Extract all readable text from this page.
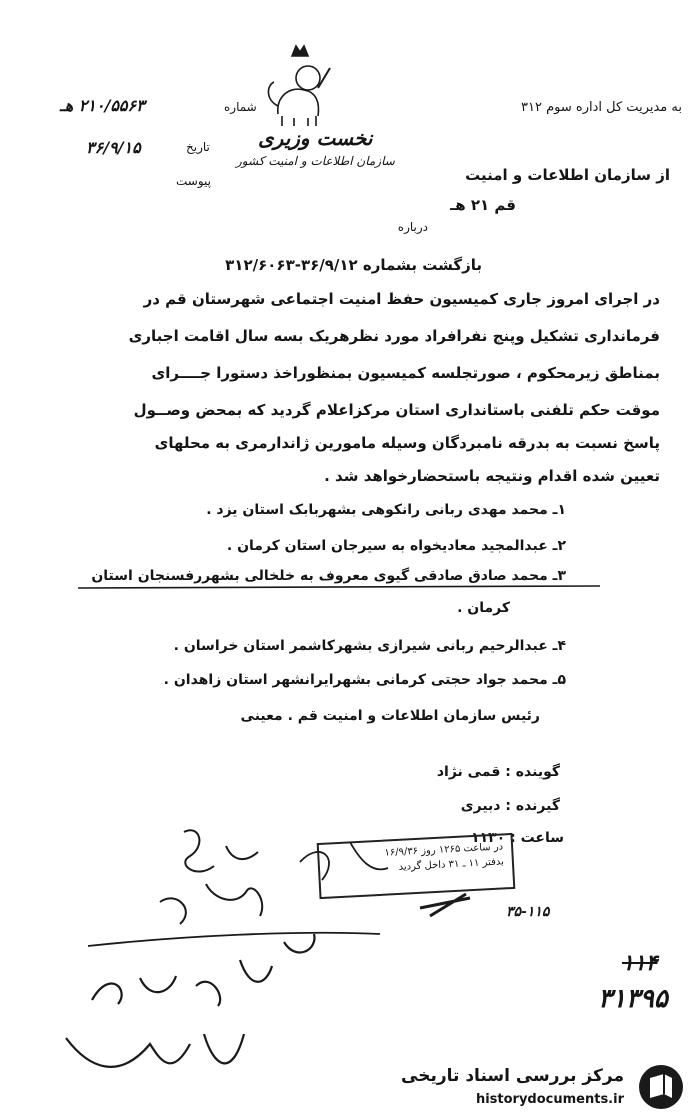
به مدیریت کل اداره سوم ۳۱۲
شماره
۲۱۰/۵۵۶۳ هـ
تاریخ
۳۶/۹/۱۵
پیوست
نخست وزیری
سازمان اطلاعات و امنیت کشور
از سازمان اطلاعات و امنیت
قم ۲۱ هـ
درباره
بازگشت بشماره ۳۶/۹/۱۲-۳۱۲/۶۰۶۳
در اجرای امروز جاری کمیسیون حفظ امنیت اجتماعی شهرستان قم در
فرمانداری تشکیل وپنج نفرافراد مورد نظرهریک بسه سال اقامت اجباری
بمناطق زیرمحکوم ، صورتجلسه کمیسیون بمنظوراخذ دستورا جــــرای
موقت حکم تلفنی باستانداری استان مرکزاعلام گردید که بمحض وصــول
پاسخ نسبت به بدرقه نامبردگان وسیله مامورین ژاندارمری به محلهای
تعیین شده اقدام ونتیجه باستحضارخواهد شد .
۱ـ محمد مهدی ربانی رانکوهی بشهربابک استان یزد .
۲ـ عبدالمجید معادیخواه به سیرجان استان کرمان .
۳ـ محمد صادق صادقی گیوی معروف به خلخالی بشهررفسنجان استان
کرمان .
۴ـ عبدالرحیم ربانی شیرازی بشهرکاشمر استان خراسان .
۵ـ محمد جواد حجتی کرمانی بشهرایرانشهر استان زاهدان .
رئیس سازمان اطلاعات و امنیت قم . معینی
گوینده : قمی نژاد
گیرنده : دبیری
ساعت : ۱۱۳۰
در ساعت ۱۲۶۵ روز ۱۶/۹/۳۶
بدفتر ۱۱ ـ ۳۱ داخل گردید
۳۵-۱۱۵
۱۱۴
۳۱۳۹۵
مرکز بررسی اسناد تاریخی
historydocuments.ir
